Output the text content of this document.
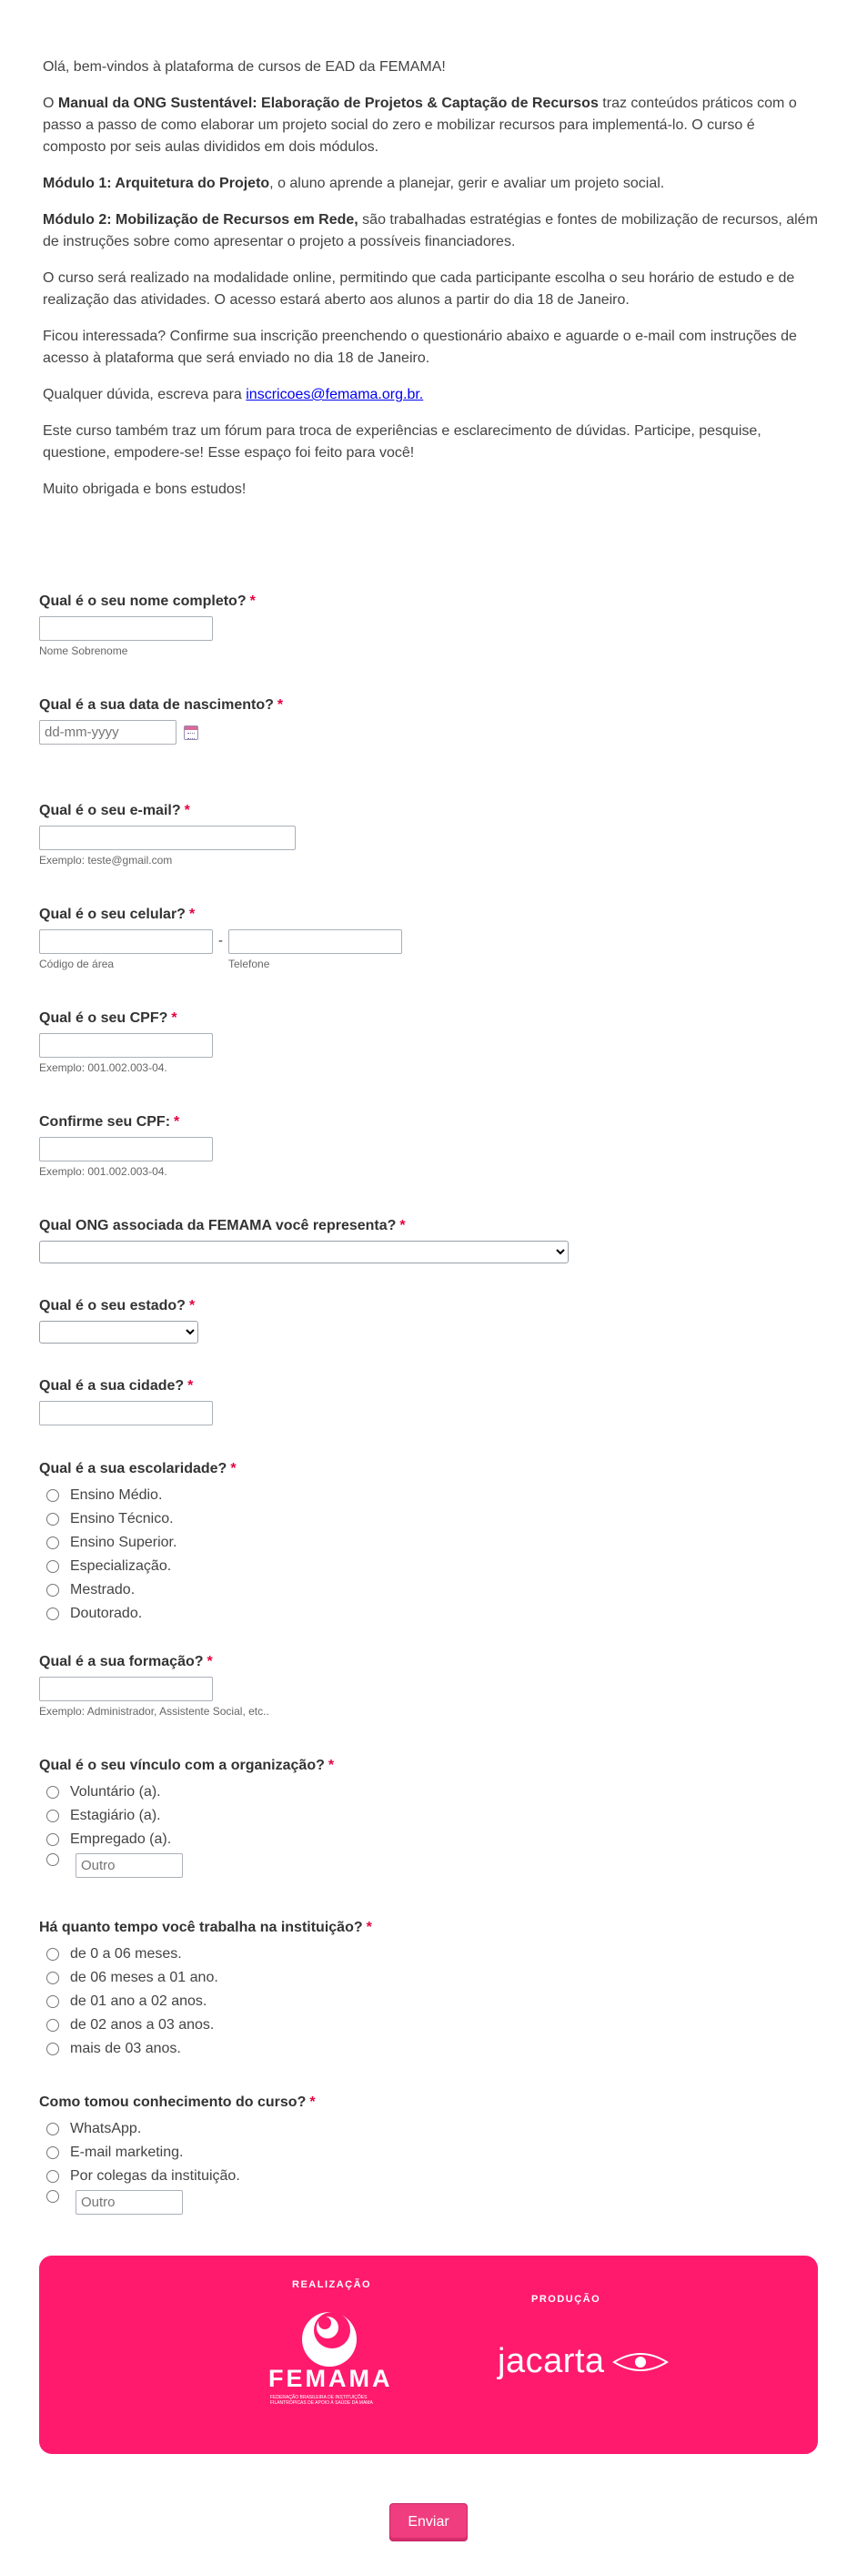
Olá, bem-vindos à plataforma de cursos de EAD da FEMAMA!

O Manual da ONG Sustentável: Elaboração de Projetos & Captação de Recursos traz conteúdos práticos com o passo a passo de como elaborar um projeto social do zero e mobilizar recursos para implementá-lo. O curso é composto por seis aulas divididos em dois módulos.

Módulo 1: Arquitetura do Projeto, o aluno aprende a planejar, gerir e avaliar um projeto social.

Módulo 2: Mobilização de Recursos em Rede, são trabalhadas estratégias e fontes de mobilização de recursos, além de instruções sobre como apresentar o projeto a possíveis financiadores.

O curso será realizado na modalidade online, permitindo que cada participante escolha o seu horário de estudo e de realização das atividades. O acesso estará aberto aos alunos a partir do dia 18 de Janeiro.

Ficou interessada? Confirme sua inscrição preenchendo o questionário abaixo e aguarde o e-mail com instruções de acesso à plataforma que será enviado no dia 18 de Janeiro.

Qualquer dúvida, escreva para inscricoes@femama.org.br.

Este curso também traz um fórum para troca de experiências e esclarecimento de dúvidas. Participe, pesquise, questione, empodere-se! Esse espaço foi feito para você!

Muito obrigada e bons estudos!

Qual é o seu nome completo? *
Nome Sobrenome
Qual é a sua data de nascimento? *
dd-mm-yyyy
Qual é o seu e-mail? *
Exemplo: teste@gmail.com
Qual é o seu celular? *
Código de área
-
Telefone
Qual é o seu CPF? *
Exemplo: 001.002.003-04.
Confirme seu CPF: *
Exemplo: 001.002.003-04.
Qual ONG associada da FEMAMA você representa? *
Qual é o seu estado? *
Qual é a sua cidade? *
Qual é a sua escolaridade? *
Ensino Médio.
Ensino Técnico.
Ensino Superior.
Especialização.
Mestrado.
Doutorado.
Qual é a sua formação? *
Exemplo: Administrador, Assistente Social, etc..
Qual é o seu vínculo com a organização? *
Voluntário (a).
Estagiário (a).
Empregado (a).
Outro
Há quanto tempo você trabalha na instituição? *
de 0 a 06 meses.
de 06 meses a 01 ano.
de 01 ano a 02 anos.
de 02 anos a 03 anos.
mais de 03 anos.
Como tomou conhecimento do curso? *
WhatsApp.
E-mail marketing.
Por colegas da instituição.
Outro
REALIZAÇÃO
PRODUÇÃO
FEMAMA
FEDERAÇÃO BRASILEIRA DE INSTITUIÇÕES FILANTRÓPICAS DE APOIO À SAÚDE DA MAMA
jacarta
Enviar
